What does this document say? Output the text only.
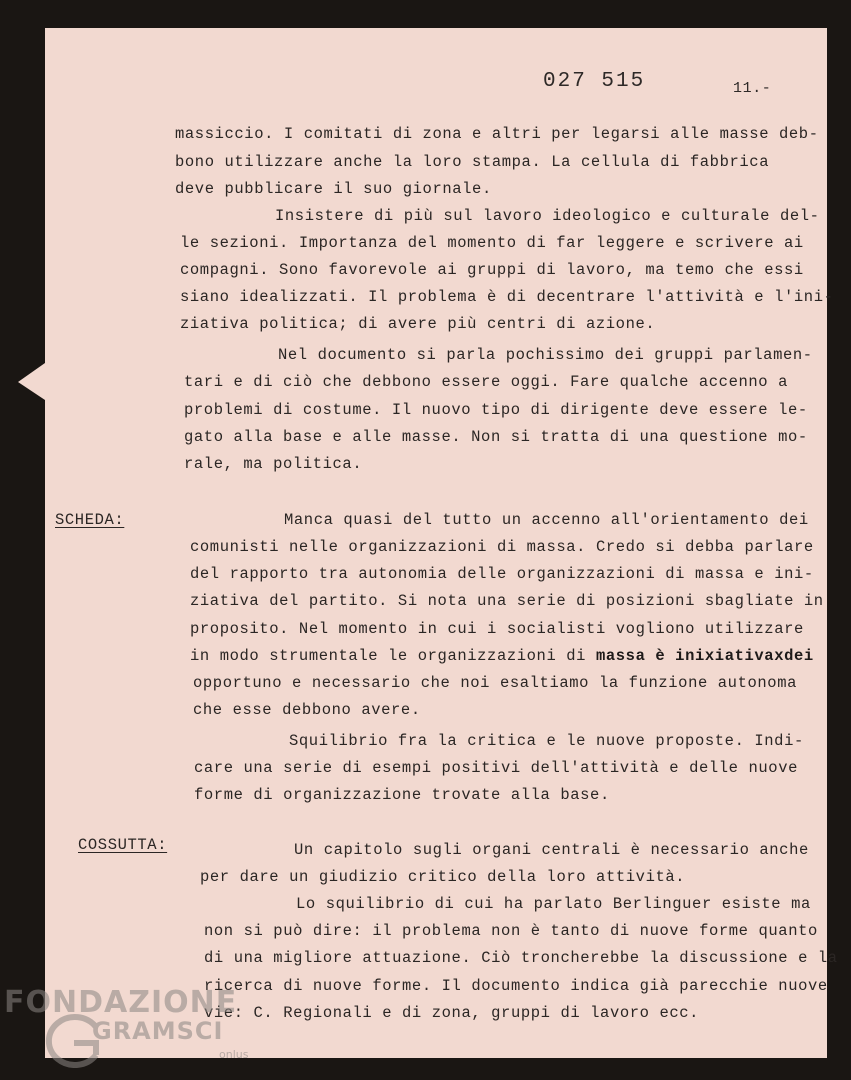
027 515	11.-
massiccio. I comitati di zona e altri per legarsi alle masse deb-
bono utilizzare anche la loro stampa. La cellula di fabbrica
deve pubblicare il suo giornale.
Insistere di più sul lavoro ideologico e culturale del-
le sezioni. Importanza del momento di far leggere e scrivere ai
compagni. Sono favorevole ai gruppi di lavoro, ma temo che essi
siano idealizzati. Il problema è di decentrare l'attività e l'ini-
ziativa politica; di avere più centri di azione.
Nel documento si parla pochissimo dei gruppi parlamen-
tari e di ciò che debbono essere oggi. Fare qualche accenno a
problemi di costume. Il nuovo tipo di dirigente deve essere le-
gato alla base e alle masse. Non si tratta di una questione mo-
rale, ma politica.
SCHEDA:	Manca quasi del tutto un accenno all'orientamento dei
comunisti nelle organizzazioni di massa. Credo si debba parlare
del rapporto tra autonomia delle organizzazioni di massa e ini-
ziativa del partito. Si nota una serie di posizioni sbagliate in
proposito. Nel momento in cui i socialisti vogliono utilizzare
in modo strumentale le organizzazioni di massa è inixiativaxdei
opportuno e necessario che noi esaltiamo la funzione autonoma
che esse debbono avere.
Squilibrio fra la critica e le nuove proposte. Indi-
care una serie di esempi positivi dell'attività e delle nuove
forme di organizzazione trovate alla base.
COSSUTTA:	Un capitolo sugli organi centrali è necessario anche
per dare un giudizio critico della loro attività.
Lo squilibrio di cui ha parlato Berlinguer esiste ma
non si può dire: il problema non è tanto di nuove forme quanto
di una migliore attuazione. Ciò troncherebbe la discussione e la
ricerca di nuove forme. Il documento indica già parecchie nuove
vie: C. Regionali e di zona, gruppi di lavoro ecc.
FONDAZIONE
GRAMSCI
onlus
